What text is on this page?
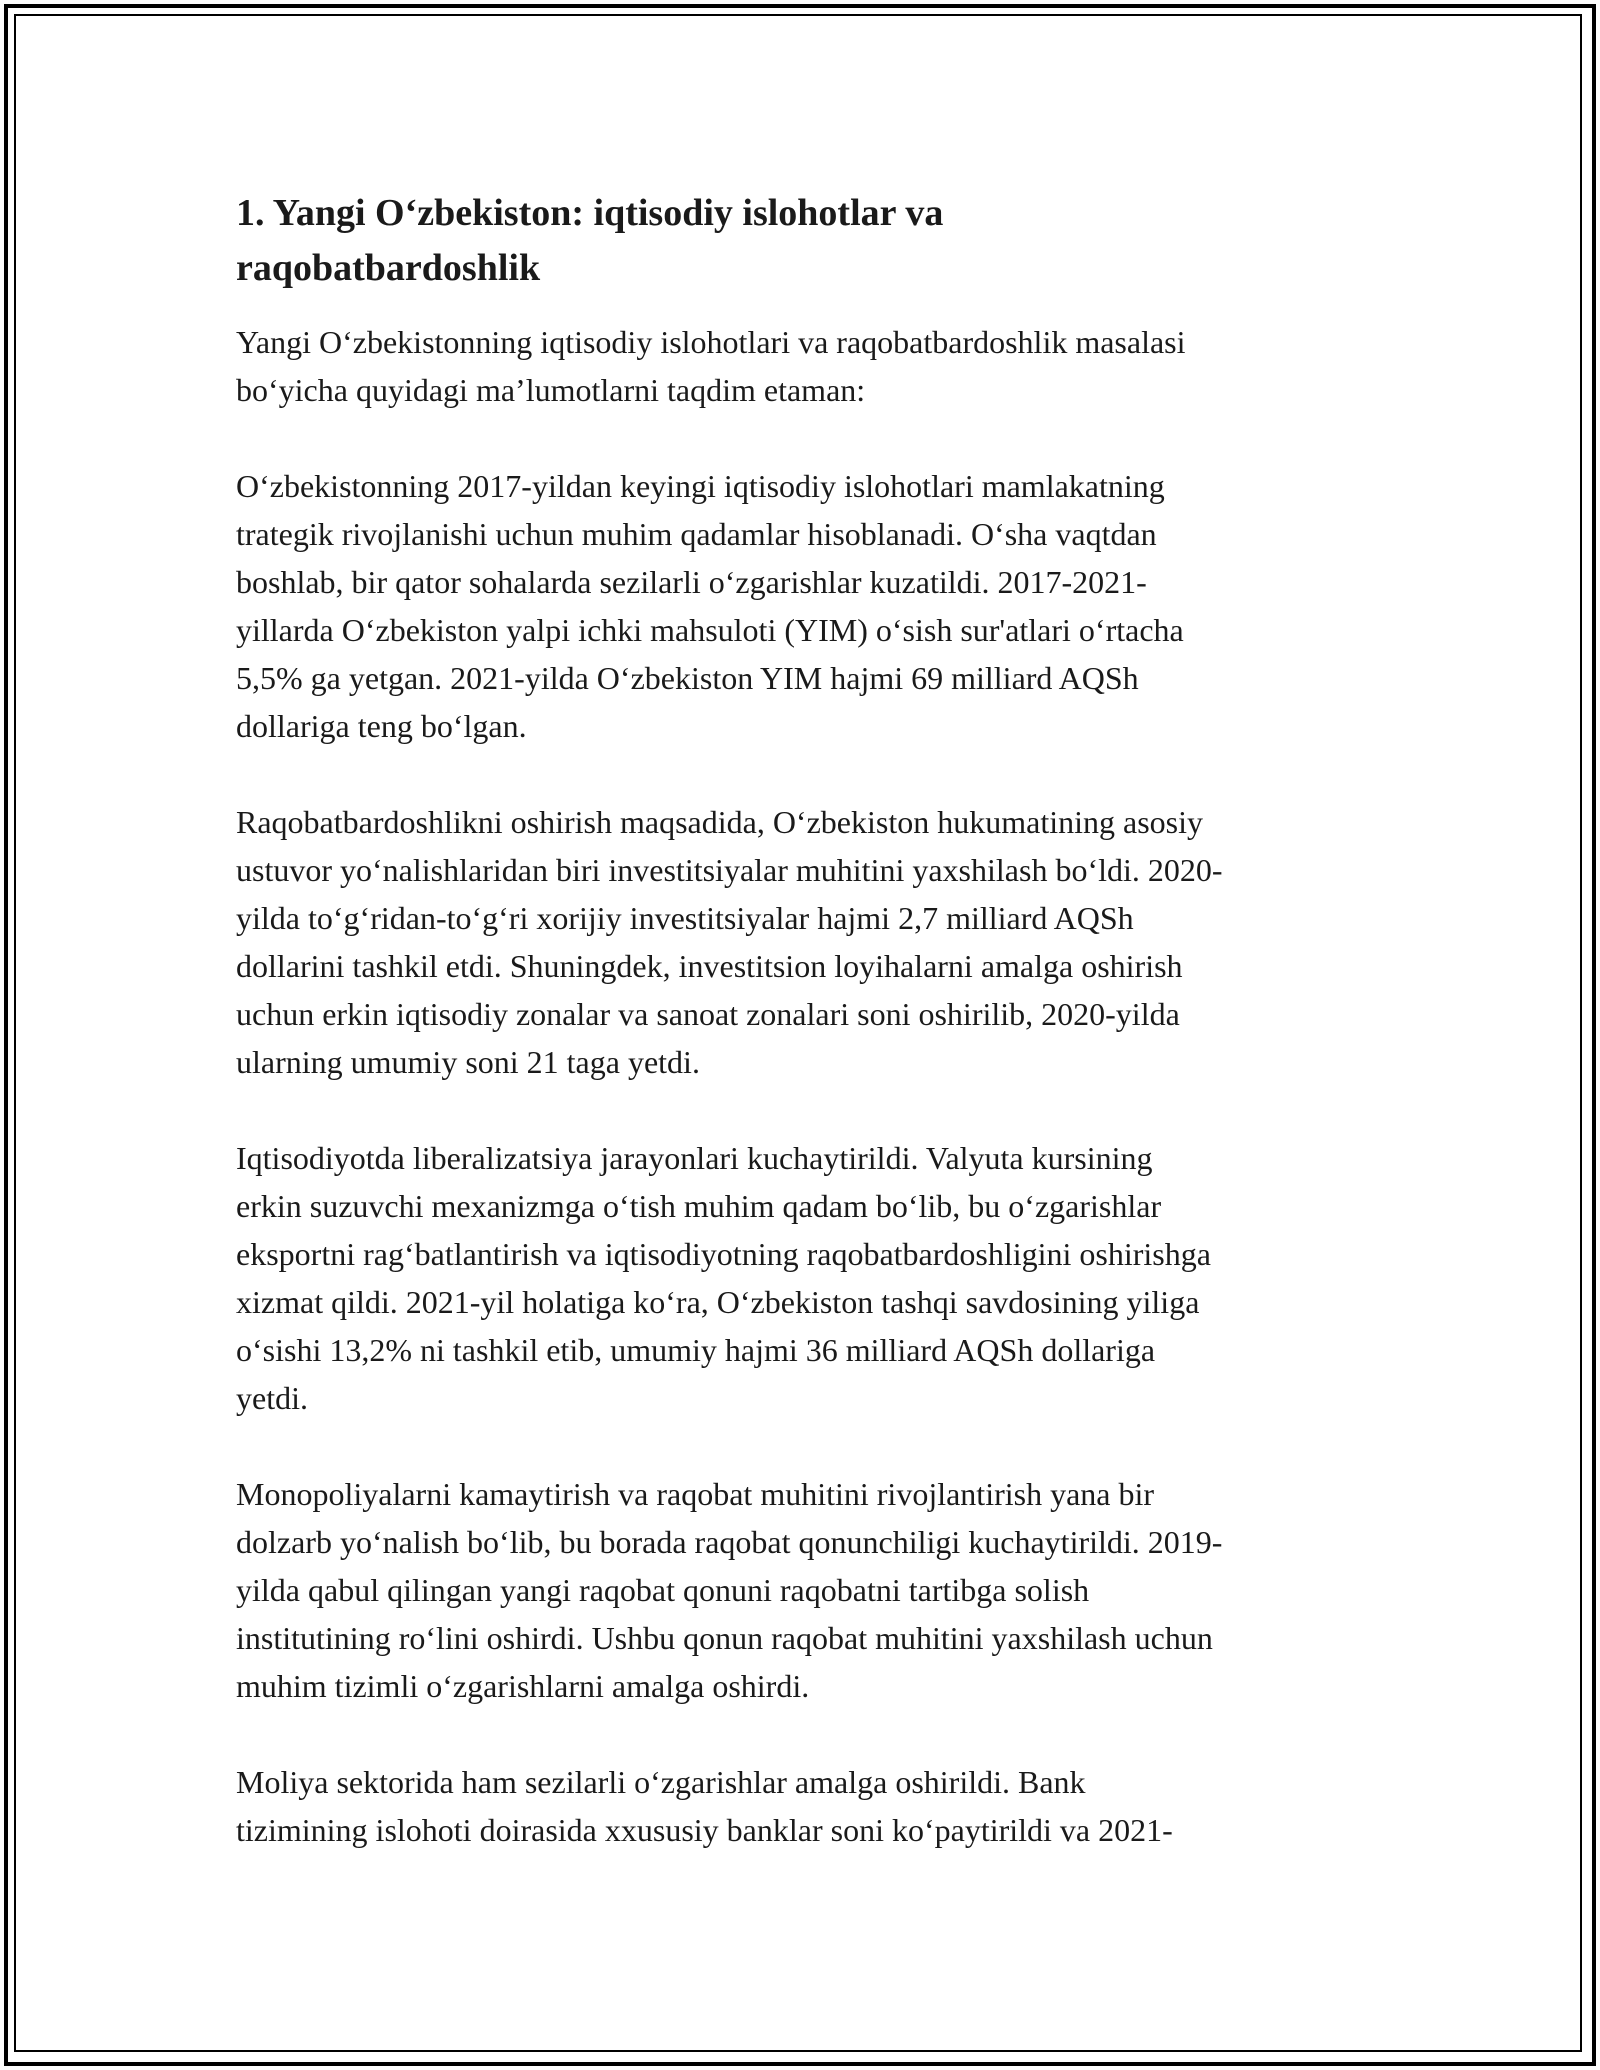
1. Yangi O‘zbekiston: iqtisodiy islohotlar va
raqobatbardoshlik

Yangi O‘zbekistonning iqtisodiy islohotlari va raqobatbardoshlik masalasi
bo‘yicha quyidagi ma’lumotlarni taqdim etaman:

O‘zbekistonning 2017-yildan keyingi iqtisodiy islohotlari mamlakatning
trategik rivojlanishi uchun muhim qadamlar hisoblanadi. O‘sha vaqtdan
boshlab, bir qator sohalarda sezilarli o‘zgarishlar kuzatildi. 2017-2021-
yillarda O‘zbekiston yalpi ichki mahsuloti (YIM) o‘sish sur'atlari o‘rtacha
5,5% ga yetgan. 2021-yilda O‘zbekiston YIM hajmi 69 milliard AQSh
dollariga teng bo‘lgan.

Raqobatbardoshlikni oshirish maqsadida, O‘zbekiston hukumatining asosiy
ustuvor yo‘nalishlaridan biri investitsiyalar muhitini yaxshilash bo‘ldi. 2020-
yilda to‘g‘ridan-to‘g‘ri xorijiy investitsiyalar hajmi 2,7 milliard AQSh
dollarini tashkil etdi. Shuningdek, investitsion loyihalarni amalga oshirish
uchun erkin iqtisodiy zonalar va sanoat zonalari soni oshirilib, 2020-yilda
ularning umumiy soni 21 taga yetdi.

Iqtisodiyotda liberalizatsiya jarayonlari kuchaytirildi. Valyuta kursining
erkin suzuvchi mexanizmga o‘tish muhim qadam bo‘lib, bu o‘zgarishlar
eksportni rag‘batlantirish va iqtisodiyotning raqobatbardoshligini oshirishga
xizmat qildi. 2021-yil holatiga ko‘ra, O‘zbekiston tashqi savdosining yiliga
o‘sishi 13,2% ni tashkil etib, umumiy hajmi 36 milliard AQSh dollariga
yetdi.

Monopoliyalarni kamaytirish va raqobat muhitini rivojlantirish yana bir
dolzarb yo‘nalish bo‘lib, bu borada raqobat qonunchiligi kuchaytirildi. 2019-
yilda qabul qilingan yangi raqobat qonuni raqobatni tartibga solish
institutining ro‘lini oshirdi. Ushbu qonun raqobat muhitini yaxshilash uchun
muhim tizimli o‘zgarishlarni amalga oshirdi.

Moliya sektorida ham sezilarli o‘zgarishlar amalga oshirildi. Bank
tizimining islohoti doirasida xxususiy banklar soni ko‘paytirildi va 2021-
